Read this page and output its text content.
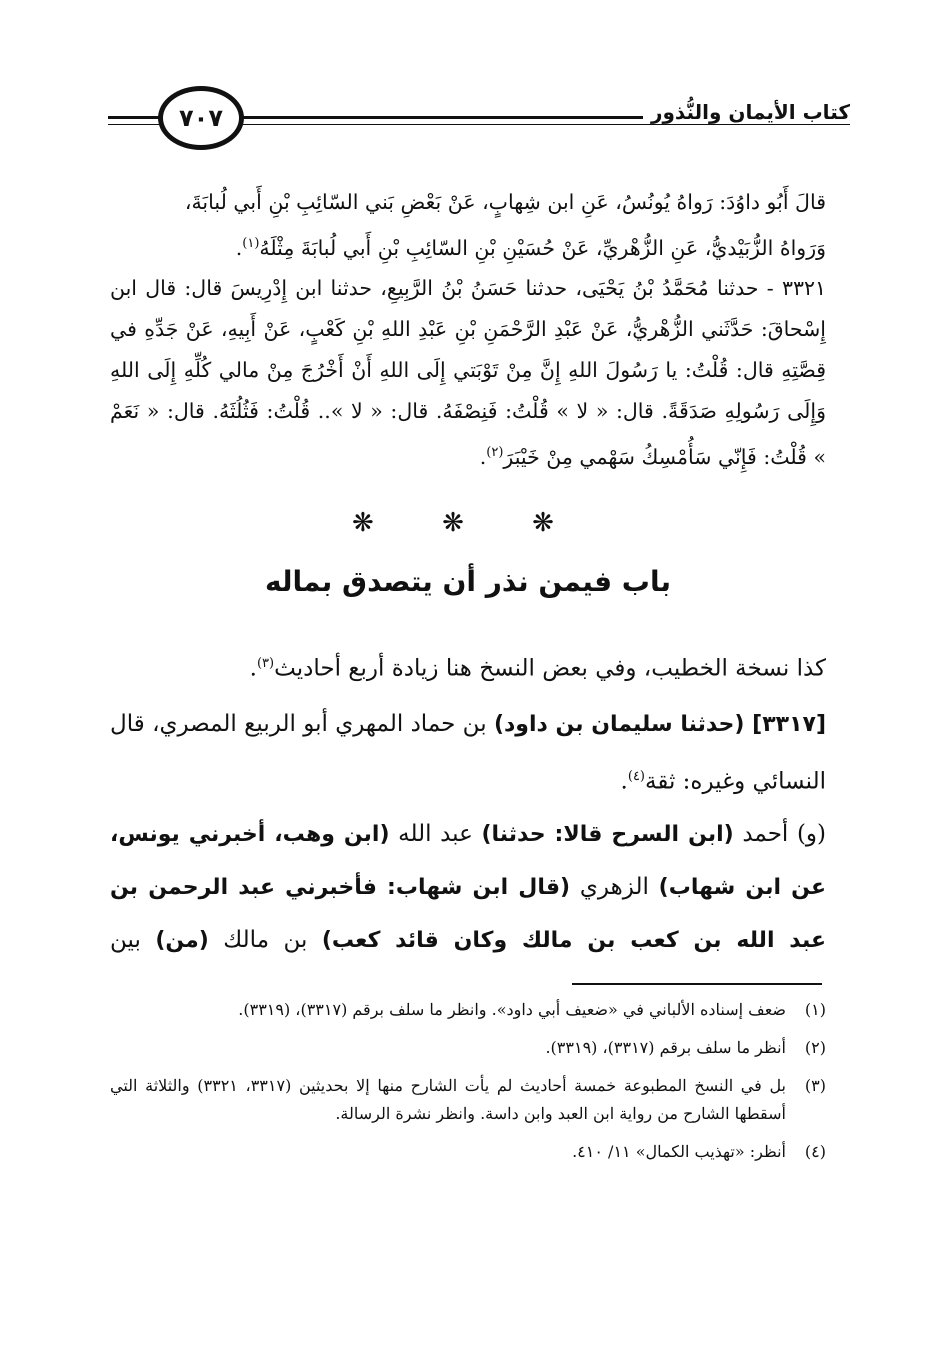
كتاب الأيمان والنُّذور
٧٠٧
قالَ أَبُو داوُدَ: رَواهُ يُونُسُ، عَنِ ابن شِهابٍ، عَنْ بَعْضِ بَني السّائِبِ بْنِ أَبي لُبابَةَ،
وَرَواهُ الزُّبَيْديُّ، عَنِ الزُّهْريِّ، عَنْ حُسَيْنِ بْنِ السّائِبِ بْنِ أَبي لُبابَةَ مِثْلَهُ$^{(١)}$.
٣٣٢١ - حدثنا مُحَمَّدُ بْنُ يَحْيَى، حدثنا حَسَنُ بْنُ الرَّبِيعِ، حدثنا ابن إِدْرِيسَ قال: قال ابن إِسْحاقَ: حَدَّثَني الزُّهْريُّ، عَنْ عَبْدِ الرَّحْمَنِ بْنِ عَبْدِ اللهِ بْنِ كَعْبٍ، عَنْ أَبِيهِ، عَنْ جَدِّهِ في قِصَّتِهِ قال: قُلْتُ: يا رَسُولَ اللهِ إِنَّ مِنْ تَوْبَتي إِلَى اللهِ أَنْ أَخْرُجَ مِنْ مالي كُلِّهِ إِلَى اللهِ وَإِلَى رَسُولِهِ صَدَقَةً. قال: « لا » قُلْتُ: فَنِصْفَهُ. قال: « لا ».. قُلْتُ: فَثُلُثَهُ. قال: « نَعَمْ » قُلْتُ: فَإِنّي سَأُمْسِكُ سَهْمي مِنْ خَيْبَرَ$^{(٢)}$.
❋ ❋ ❋
باب فيمن نذر أن يتصدق بماله
كذا نسخة الخطيب، وفي بعض النسخ هنا زيادة أربع أحاديث$^{(٣)}$.
[٣٣١٧] (حدثنا سليمان بن داود) بن حماد المهري أبو الربيع المصري، قال النسائي وغيره: ثقة$^{(٤)}$.
(و) أحمد (ابن السرح قالا: حدثنا) عبد الله (ابن وهب، أخبرني يونس، عن ابن شهاب) الزهري (قال ابن شهاب: فأخبرني عبد الرحمن بن عبد الله بن كعب بن مالك وكان قائد كعب) بن مالك (من) بين
(١)
ضعف إسناده الألباني في «ضعيف أبي داود». وانظر ما سلف برقم (٣٣١٧)، (٣٣١٩).
(٢)
أنظر ما سلف برقم (٣٣١٧)، (٣٣١٩).
(٣)
بل في النسخ المطبوعة خمسة أحاديث لم يأت الشارح منها إلا بحديثين (٣٣١٧، ٣٣٢١) والثلاثة التي أسقطها الشارح من رواية ابن العبد وابن داسة. وانظر نشرة الرسالة.
(٤)
أنظر: «تهذيب الكمال» ١١/ ٤١٠.
